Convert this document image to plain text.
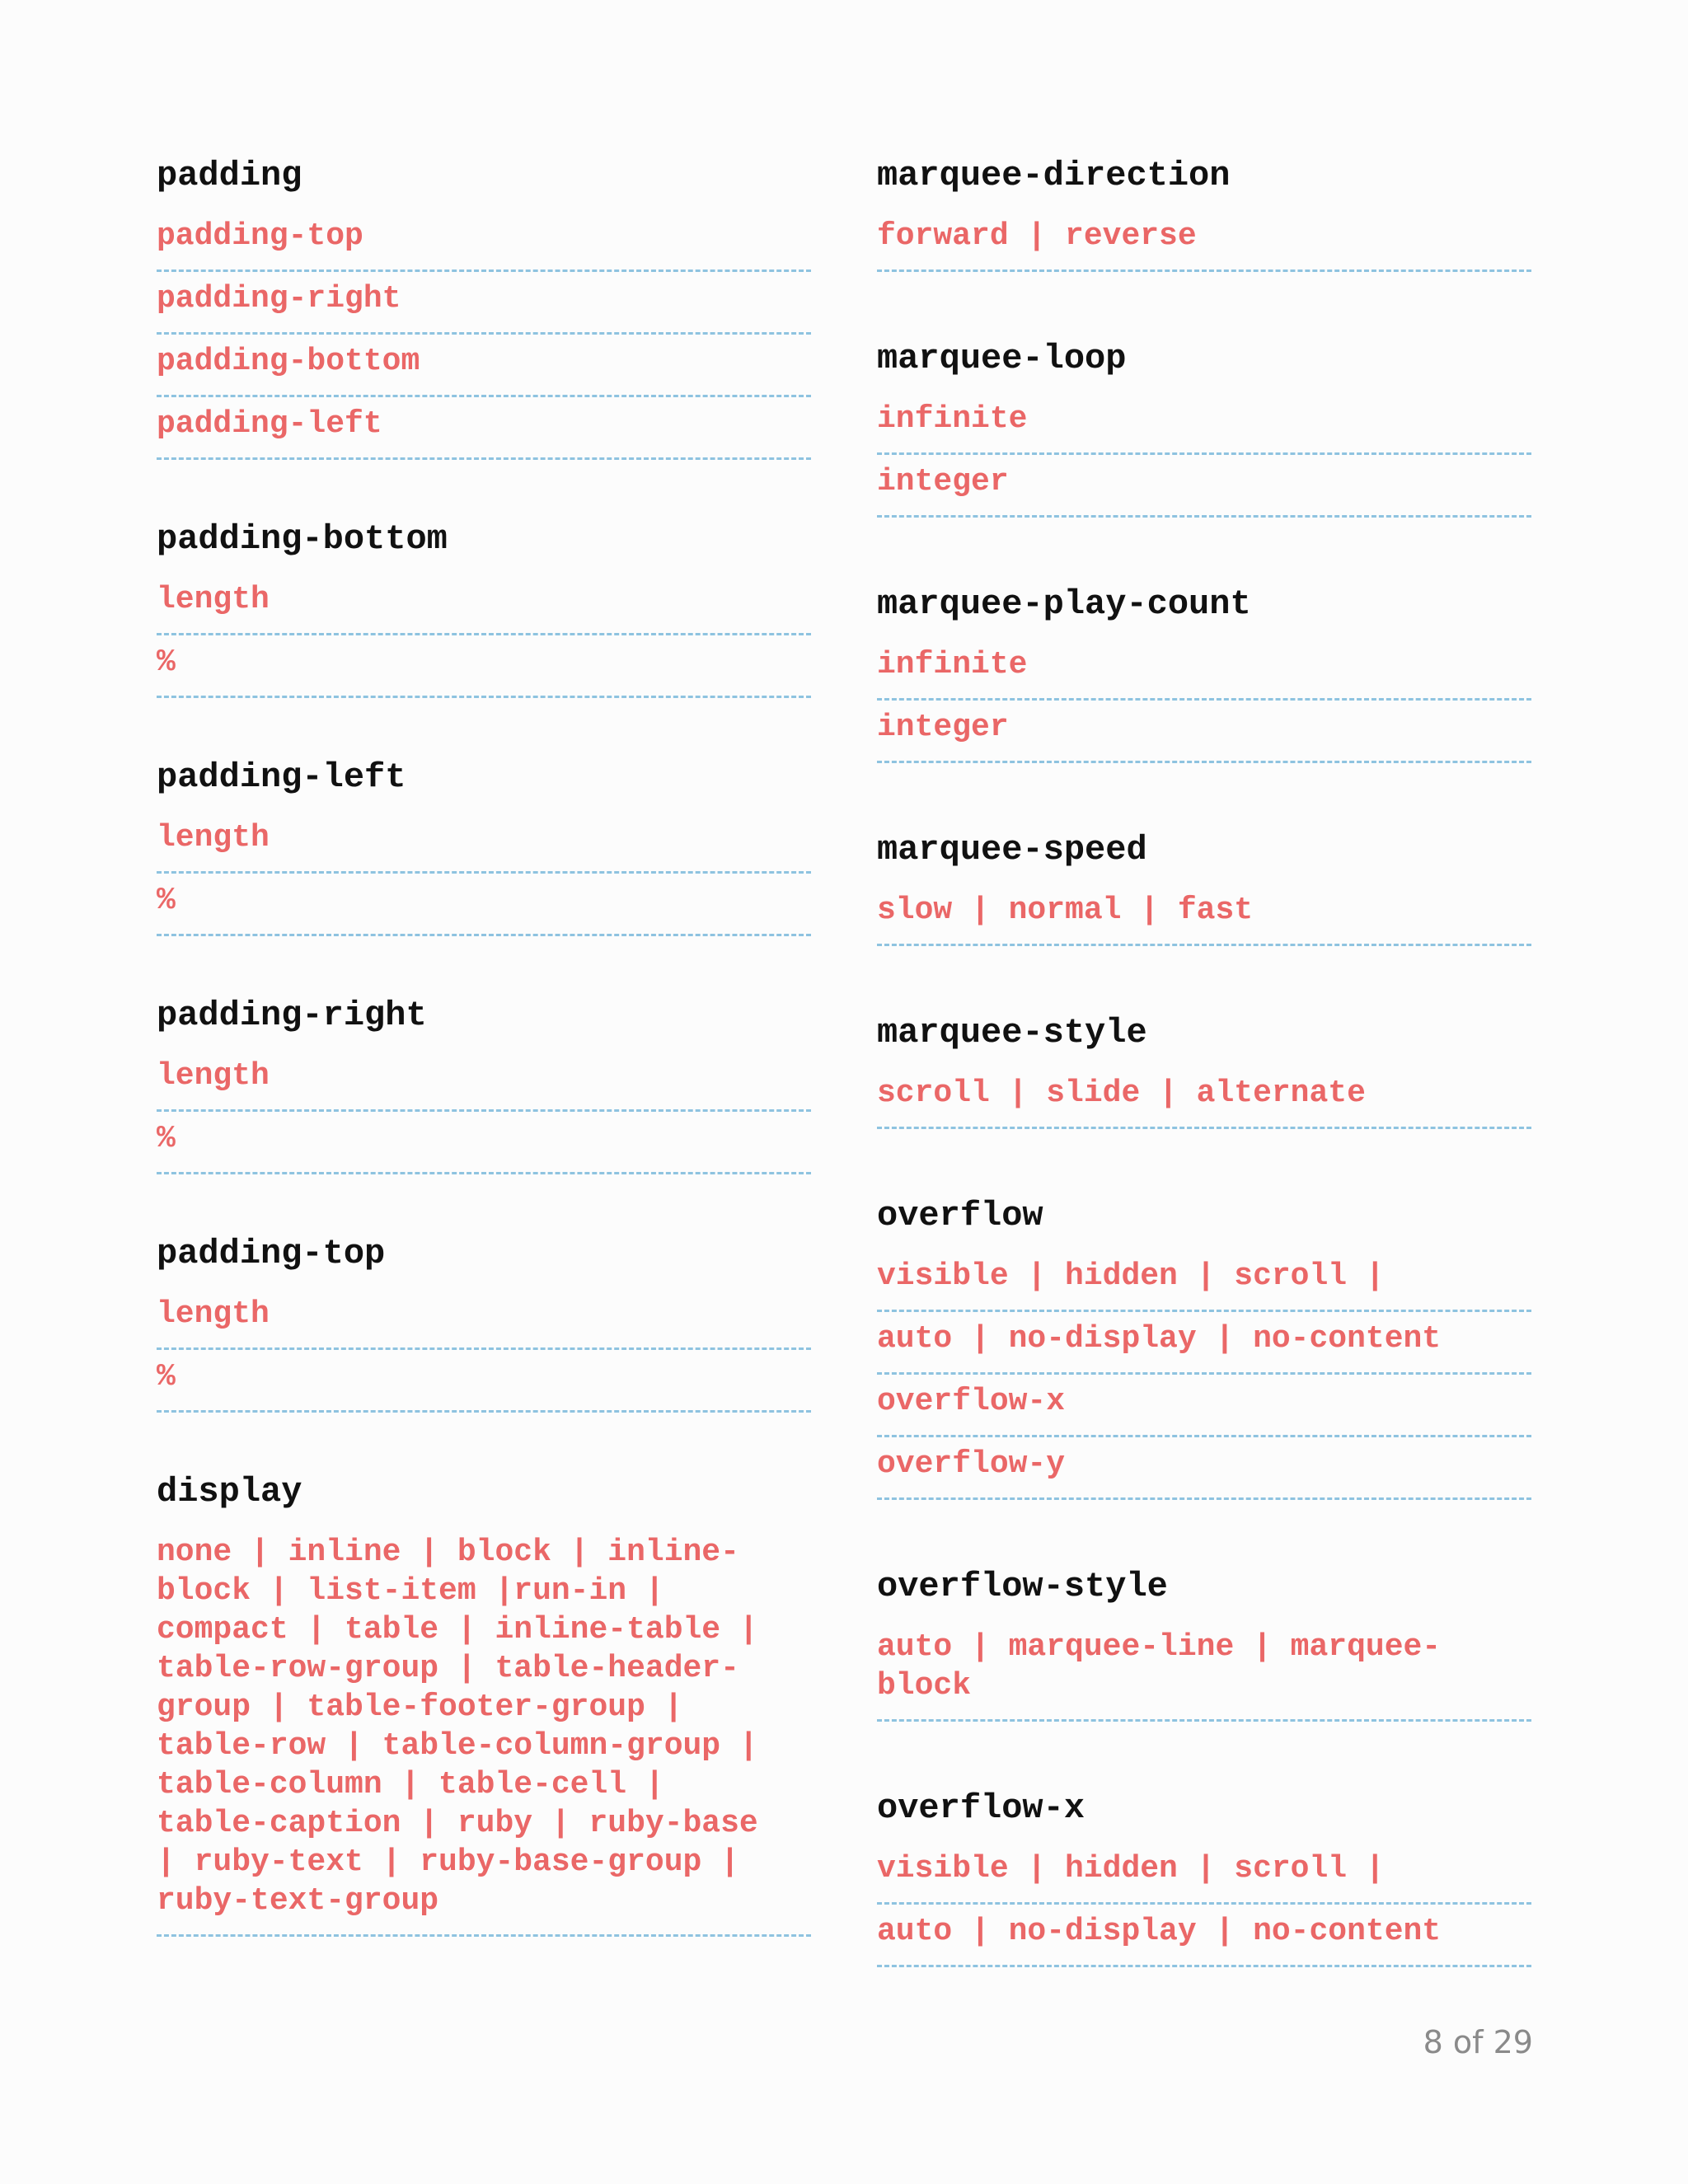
padding
padding-top
padding-right
padding-bottom
padding-left
padding-bottom
length
%
padding-left
length
%
padding-right
length
%
padding-top
length
%
display
none | inline | block | inline-
block | list-item |run-in |
compact | table | inline-table |
table-row-group | table-header-
group | table-footer-group |
table-row | table-column-group |
table-column | table-cell |
table-caption | ruby | ruby-base
| ruby-text | ruby-base-group |
ruby-text-group
marquee-direction
forward | reverse
marquee-loop
infinite
integer
marquee-play-count
infinite
integer
marquee-speed
slow | normal | fast
marquee-style
scroll | slide | alternate
overflow
visible | hidden | scroll |
auto | no-display | no-content
overflow-x
overflow-y
overflow-style
auto | marquee-line | marquee-
block
overflow-x
visible | hidden | scroll |
auto | no-display | no-content
8 of 29
